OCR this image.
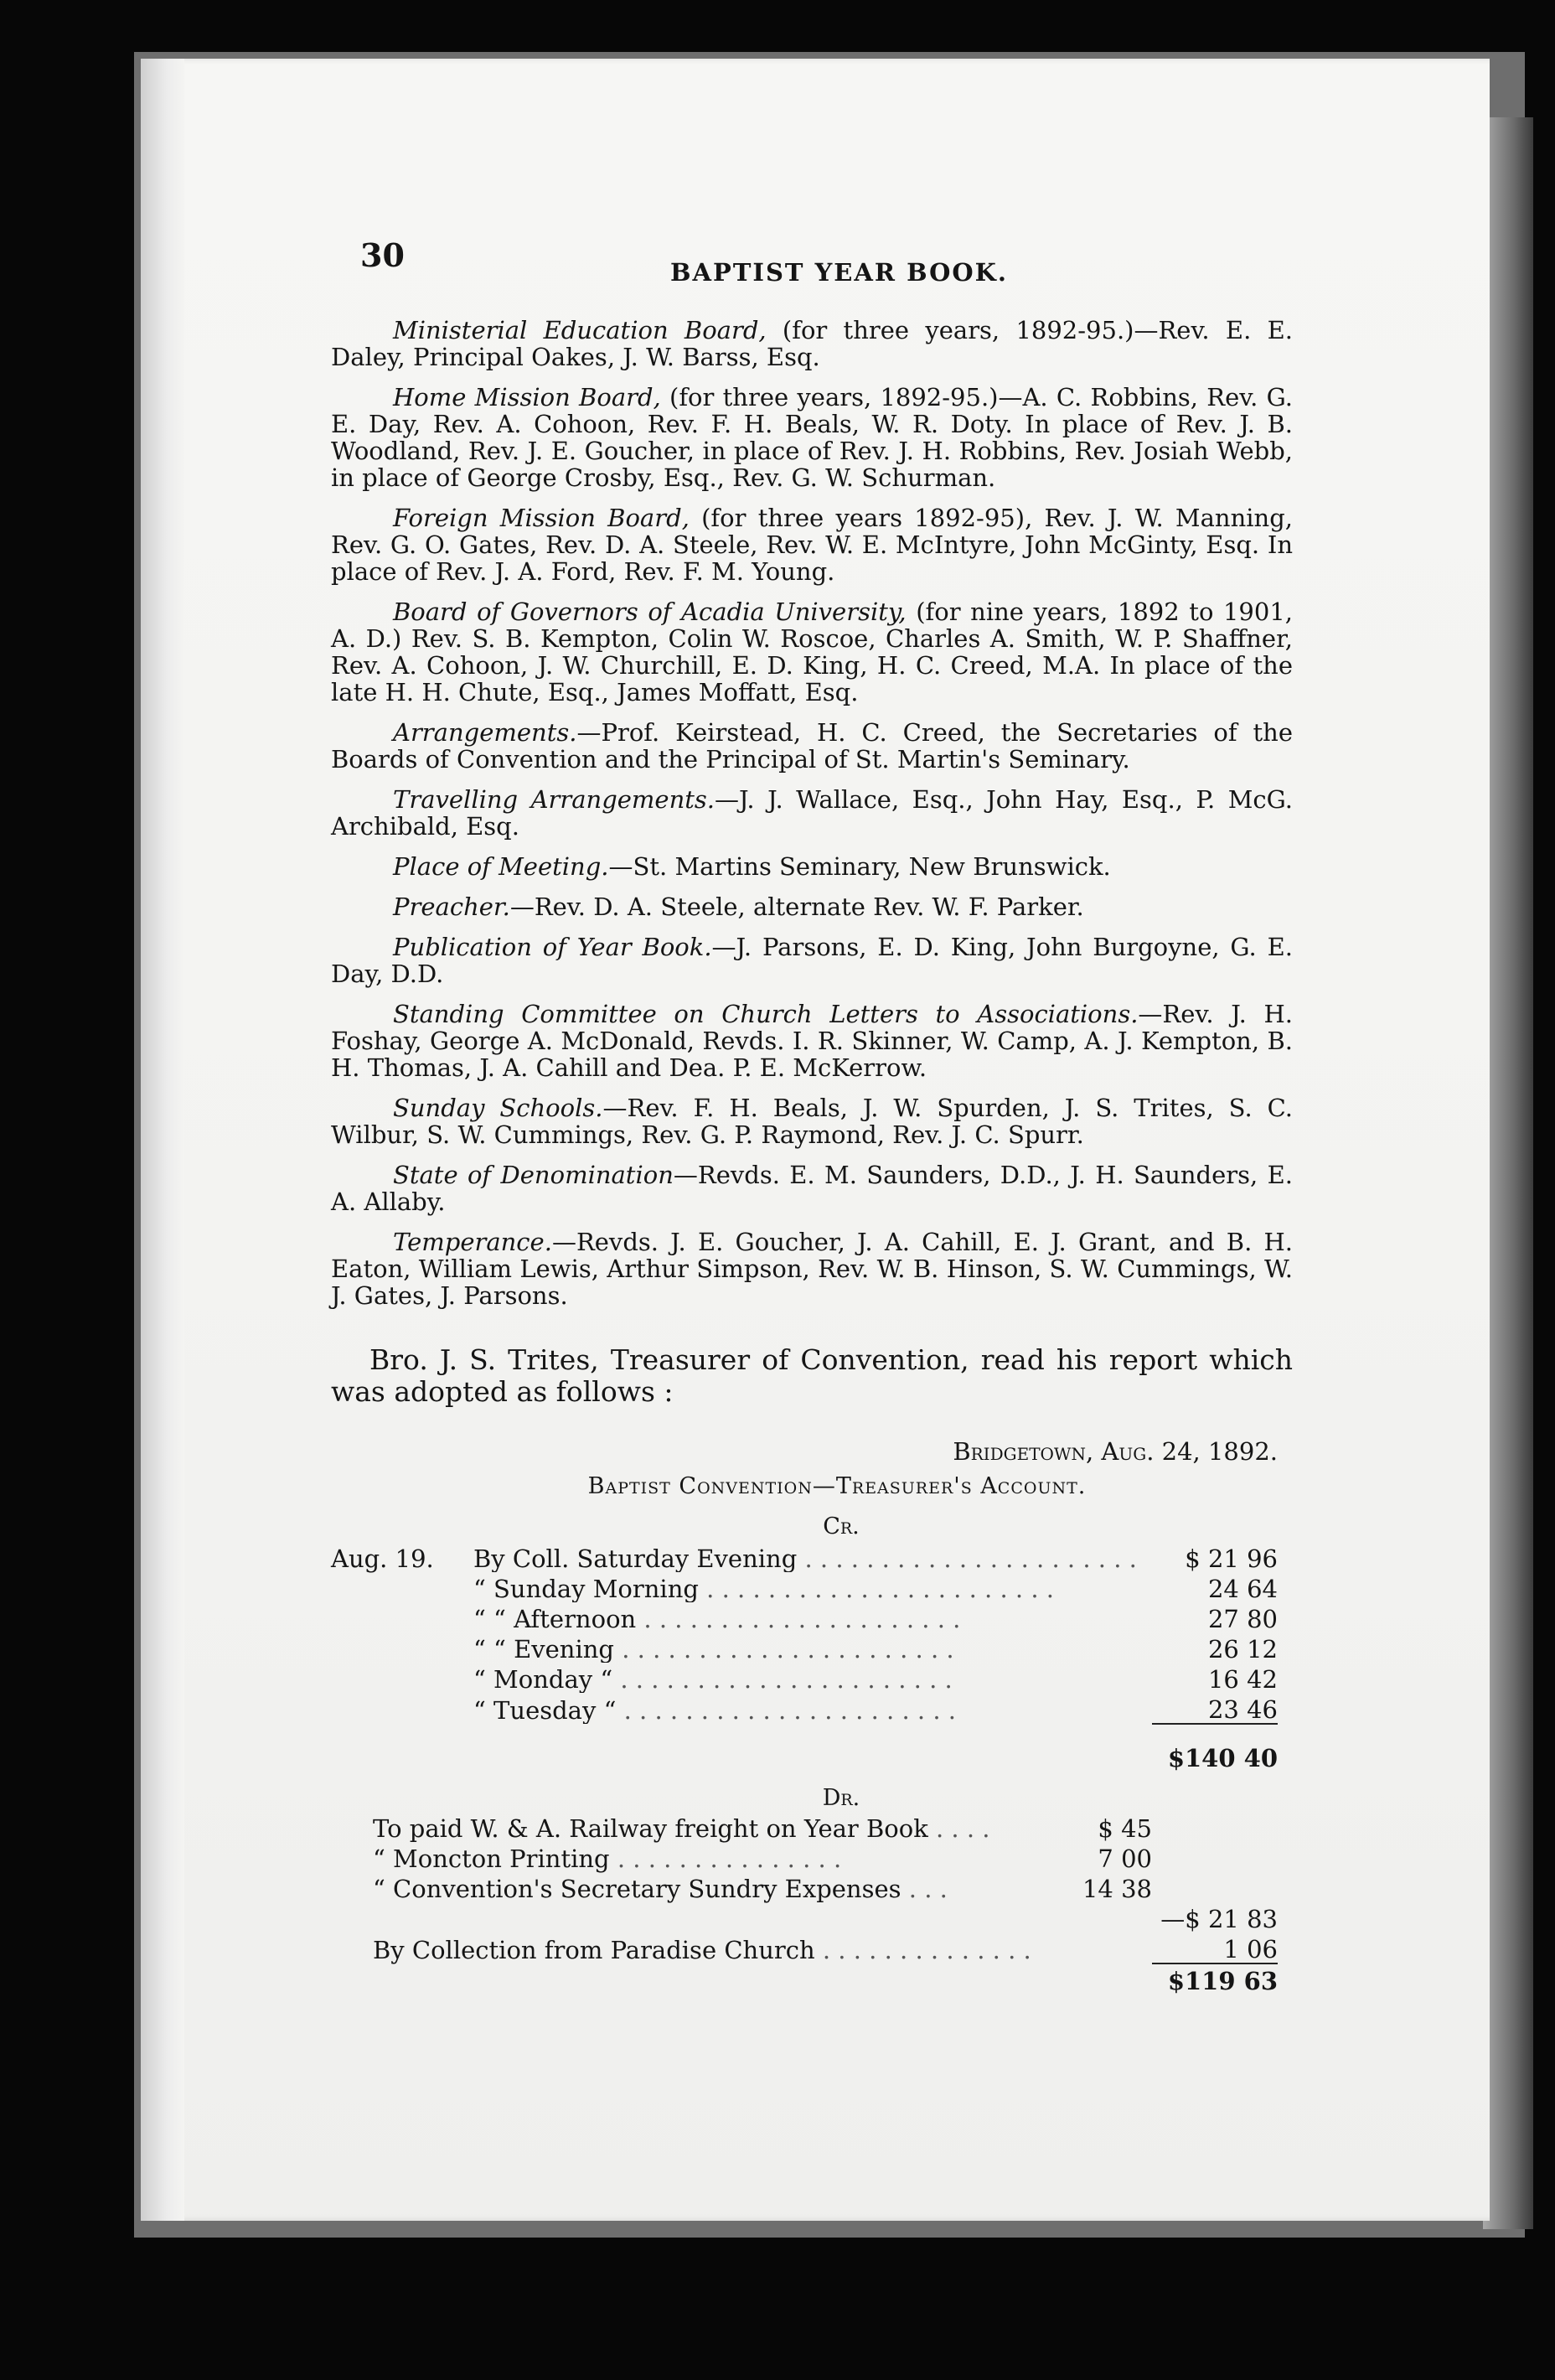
30	BAPTIST YEAR BOOK.

Ministerial Education Board, (for three years, 1892-95.)—Rev. E. E. Daley, Principal Oakes, J. W. Barss, Esq.

Home Mission Board, (for three years, 1892-95.)—A. C. Robbins, Rev. G. E. Day, Rev. A. Cohoon, Rev. F. H. Beals, W. R. Doty. In place of Rev. J. B. Woodland, Rev. J. E. Goucher, in place of Rev. J. H. Robbins, Rev. Josiah Webb, in place of George Crosby, Esq., Rev. G. W. Schurman.

Foreign Mission Board, (for three years 1892-95), Rev. J. W. Manning, Rev. G. O. Gates, Rev. D. A. Steele, Rev. W. E. McIntyre, John McGinty, Esq. In place of Rev. J. A. Ford, Rev. F. M. Young.

Board of Governors of Acadia University, (for nine years, 1892 to 1901, A. D.) Rev. S. B. Kempton, Colin W. Roscoe, Charles A. Smith, W. P. Shaffner, Rev. A. Cohoon, J. W. Churchill, E. D. King, H. C. Creed, M.A. In place of the late H. H. Chute, Esq., James Moffatt, Esq.

Arrangements.—Prof. Keirstead, H. C. Creed, the Secretaries of the Boards of Convention and the Principal of St. Martin's Seminary.

Travelling Arrangements.—J. J. Wallace, Esq., John Hay, Esq., P. McG. Archibald, Esq.

Place of Meeting.—St. Martins Seminary, New Brunswick.

Preacher.—Rev. D. A. Steele, alternate Rev. W. F. Parker.

Publication of Year Book.—J. Parsons, E. D. King, John Burgoyne, G. E. Day, D.D.

Standing Committee on Church Letters to Associations.—Rev. J. H. Foshay, George A. McDonald, Revds. I. R. Skinner, W. Camp, A. J. Kempton, B. H. Thomas, J. A. Cahill and Dea. P. E. McKerrow.

Sunday Schools.—Rev. F. H. Beals, J. W. Spurden, J. S. Trites, S. C. Wilbur, S. W. Cummings, Rev. G. P. Raymond, Rev. J. C. Spurr.

State of Denomination—Revds. E. M. Saunders, D.D., J. H. Saunders, E. A. Allaby.

Temperance.—Revds. J. E. Goucher, J. A. Cahill, E. J. Grant, and B. H. Eaton, William Lewis, Arthur Simpson, Rev. W. B. Hinson, S. W. Cummings, W. J. Gates, J. Parsons.

Bro. J. S. Trites, Treasurer of Convention, read his report which was adopted as follows :

Bridgetown, Aug. 24, 1892.
Baptist Convention—Treasurer's Account.
Cr.
Aug. 19.	By Coll. Saturday Evening . . . . . . . . . . . . . . . . . . . . . .	$ 21 96
	“ Sunday Morning . . . . . . . . . . . . . . . . . . . . . . .	24 64
	“ “ Afternoon . . . . . . . . . . . . . . . . . . . . .	27 80
	“ “ Evening . . . . . . . . . . . . . . . . . . . . . .	26 12
	“ Monday “ . . . . . . . . . . . . . . . . . . . . . .	16 42
	“ Tuesday “ . . . . . . . . . . . . . . . . . . . . . .	23 46
		$140 40
Dr.
To paid W. & A. Railway freight on Year Book . . . .	$ 45	
“ Moncton Printing . . . . . . . . . . . . . . .	7 00	
“ Convention's Secretary Sundry Expenses . . .	14 38	
		—$ 21 83
By Collection from Paradise Church . . . . . . . . . . . . . .		1 06
		$119 63
